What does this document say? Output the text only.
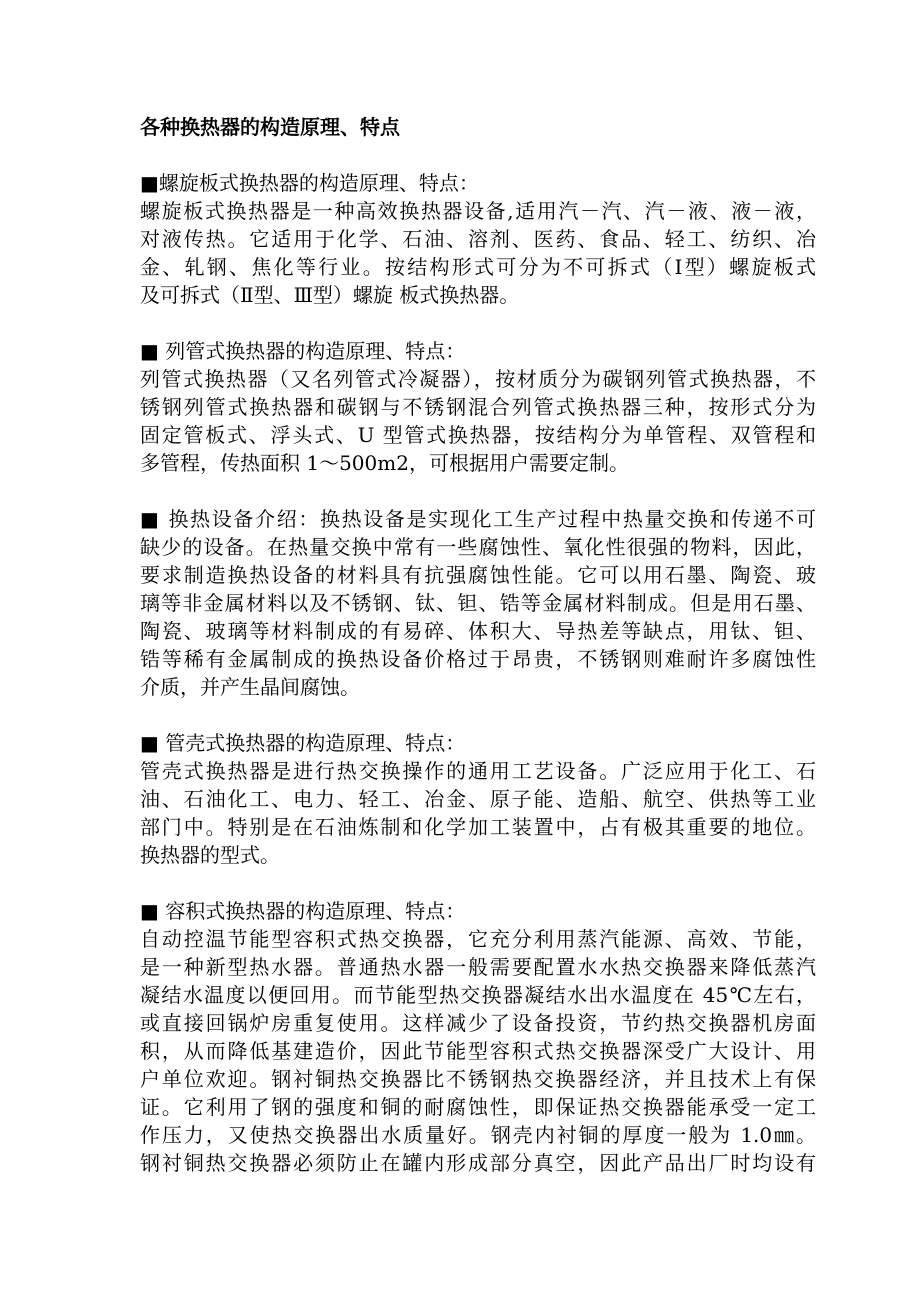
各种换热器的构造原理、特点
■螺旋板式换热器的构造原理、特点：
螺旋板式换热器是一种高效换热器设备,适用汽－汽、汽－液、液－液，
对液传热。它适用于化学、石油、溶剂、医药、食品、轻工、纺织、冶
金、轧钢、焦化等行业。按结构形式可分为不可拆式（Ⅰ型）螺旋板式
及可拆式（Ⅱ型、Ⅲ型）螺旋 板式换热器。
■ 列管式换热器的构造原理、特点：
列管式换热器（又名列管式冷凝器），按材质分为碳钢列管式换热器，不
锈钢列管式换热器和碳钢与不锈钢混合列管式换热器三种，按形式分为
固定管板式、浮头式、U 型管式换热器，按结构分为单管程、双管程和
多管程，传热面积 1～500m2，可根据用户需要定制。
■ 换热设备介绍：换热设备是实现化工生产过程中热量交换和传递不可
缺少的设备。在热量交换中常有一些腐蚀性、氧化性很强的物料，因此，
要求制造换热设备的材料具有抗强腐蚀性能。它可以用石墨、陶瓷、玻
璃等非金属材料以及不锈钢、钛、钽、锆等金属材料制成。但是用石墨、
陶瓷、玻璃等材料制成的有易碎、体积大、导热差等缺点，用钛、钽、
锆等稀有金属制成的换热设备价格过于昂贵，不锈钢则难耐许多腐蚀性
介质，并产生晶间腐蚀。
■ 管壳式换热器的构造原理、特点：
管壳式换热器是进行热交换操作的通用工艺设备。广泛应用于化工、石
油、石油化工、电力、轻工、冶金、原子能、造船、航空、供热等工业
部门中。特别是在石油炼制和化学加工装置中，占有极其重要的地位。
换热器的型式。
■ 容积式换热器的构造原理、特点：
自动控温节能型容积式热交换器，它充分利用蒸汽能源、高效、节能，
是一种新型热水器。普通热水器一般需要配置水水热交换器来降低蒸汽
凝结水温度以便回用。而节能型热交换器凝结水出水温度在 45℃左右，
或直接回锅炉房重复使用。这样减少了设备投资，节约热交换器机房面
积，从而降低基建造价，因此节能型容积式热交换器深受广大设计、用
户单位欢迎。钢衬铜热交换器比不锈钢热交换器经济，并且技术上有保
证。它利用了钢的强度和铜的耐腐蚀性，即保证热交换器能承受一定工
作压力，又使热交换器出水质量好。钢壳内衬铜的厚度一般为 1.0㎜。
钢衬铜热交换器必须防止在罐内形成部分真空，因此产品出厂时均设有
